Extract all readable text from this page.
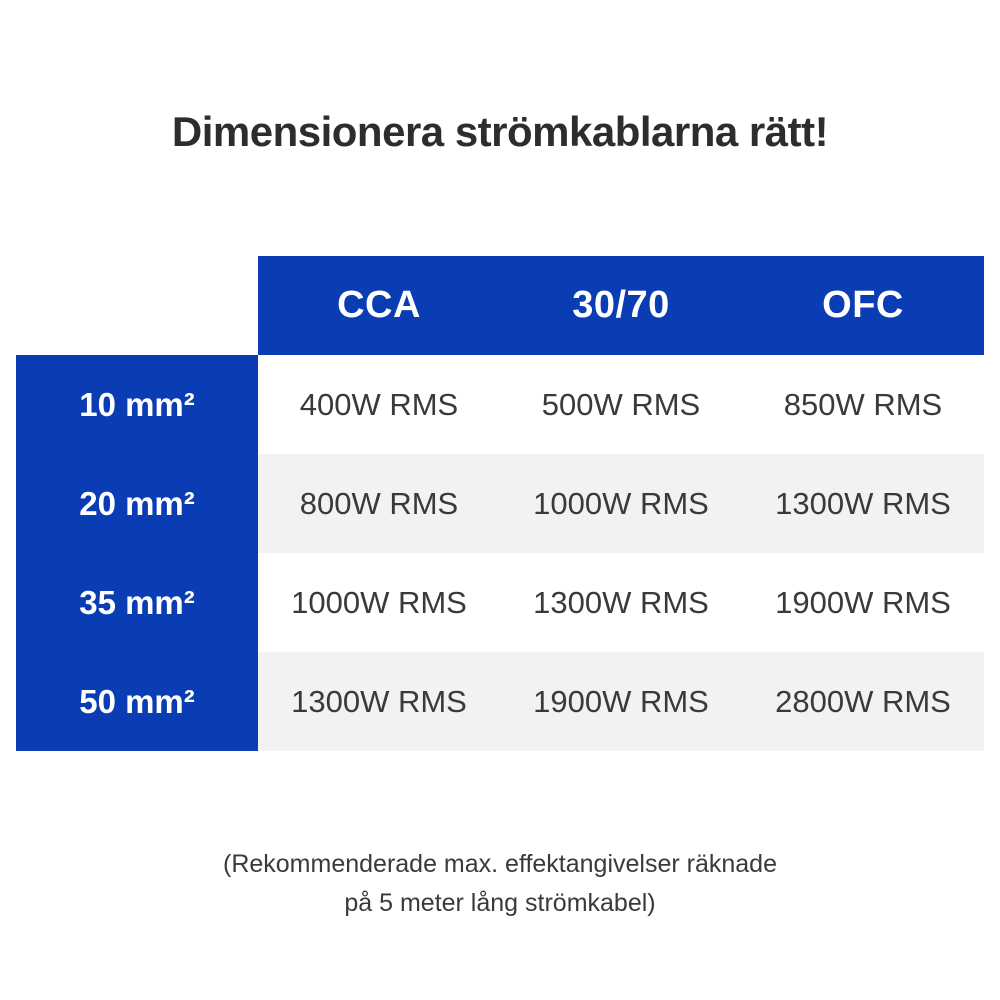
Dimensionera strömkablarna rätt!
	CCA	30/70	OFC
10 mm²	400W RMS	500W RMS	850W RMS
20 mm²	800W RMS	1000W RMS	1300W RMS
35 mm²	1000W RMS	1300W RMS	1900W RMS
50 mm²	1300W RMS	1900W RMS	2800W RMS
(Rekommenderade max. effektangivelser räknade
på 5 meter lång strömkabel)
